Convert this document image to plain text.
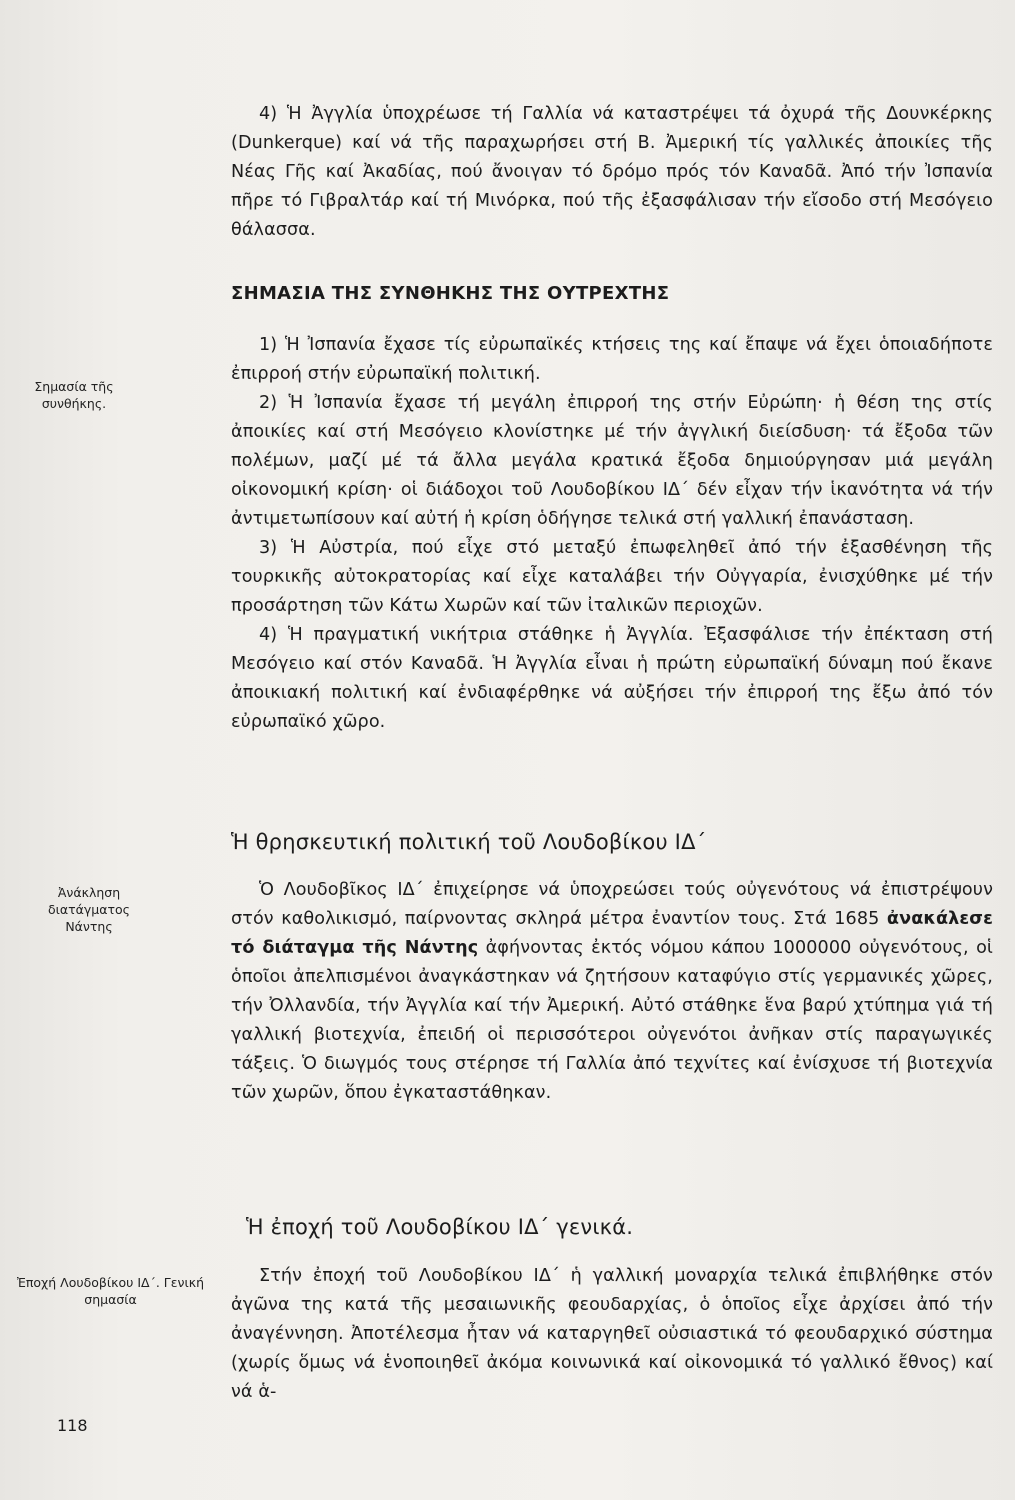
4) Ἡ Ἀγγλία ὑποχρέωσε τή Γαλλία νά καταστρέψει τά ὀχυρά τῆς Δουνκέρκης (Dunkerque) καί νά τῆς παραχωρήσει στή Β. Ἀμερική τίς γαλλικές ἀποικίες τῆς Νέας Γῆς καί Ἀκαδίας, πού ἄνοιγαν τό δρόμο πρός τόν Καναδᾶ. Ἀπό τήν Ἰσπανία πῆρε τό Γιβραλτάρ καί τή Μινόρκα, πού τῆς ἐξασφάλισαν τήν εἴσοδο στή Μεσόγειο θάλασσα.

ΣΗΜΑΣΙΑ ΤΗΣ ΣΥΝΘΗΚΗΣ ΤΗΣ ΟΥΤΡΕΧΤΗΣ
Σημασία τῆς συνθήκης.

1) Ἡ Ἰσπανία ἔχασε τίς εὐρωπαϊκές κτήσεις της καί ἔπαψε νά ἔχει ὁποιαδήποτε ἐπιρροή στήν εὐρωπαϊκή πολιτική.

2) Ἡ Ἰσπανία ἔχασε τή μεγάλη ἐπιρροή της στήν Εὐρώπη· ἡ θέση της στίς ἀποικίες καί στή Μεσόγειο κλονίστηκε μέ τήν ἀγγλική διείσδυση· τά ἔξοδα τῶν πολέμων, μαζί μέ τά ἄλλα μεγάλα κρατικά ἔξοδα δημιούργησαν μιά μεγάλη οἰκονομική κρίση· οἱ διάδοχοι τοῦ Λουδοβίκου ΙΔ΄ δέν εἶχαν τήν ἱκανότητα νά τήν ἀντιμετωπίσουν καί αὐτή ἡ κρίση ὁδήγησε τελικά στή γαλλική ἐπανάσταση.

3) Ἡ Αὐστρία, πού εἶχε στό μεταξύ ἐπωφεληθεῖ ἀπό τήν ἐξασθένηση τῆς τουρκικῆς αὐτοκρατορίας καί εἶχε καταλάβει τήν Οὐγγαρία, ἐνισχύθηκε μέ τήν προσάρτηση τῶν Κάτω Χωρῶν καί τῶν ἰταλικῶν περιοχῶν.

4) Ἡ πραγματική νικήτρια στάθηκε ἡ Ἀγγλία. Ἐξασφάλισε τήν ἐπέκταση στή Μεσόγειο καί στόν Καναδᾶ. Ἡ Ἀγγλία εἶναι ἡ πρώτη εὐρωπαϊκή δύναμη πού ἔκανε ἀποικιακή πολιτική καί ἐνδιαφέρθηκε νά αὐξήσει τήν ἐπιρροή της ἔξω ἀπό τόν εὐρωπαϊκό χῶρο.

Ἡ θρησκευτική πολιτική τοῦ Λουδοβίκου ΙΔ΄
Ἀνάκληση διατάγματος Νάντης

Ὁ Λουδοβῖκος ΙΔ΄ ἐπιχείρησε νά ὑποχρεώσει τούς οὐγενότους νά ἐπιστρέψουν στόν καθολικισμό, παίρνοντας σκληρά μέτρα ἐναντίον τους. Στά 1685 ἀνακάλεσε τό διάταγμα τῆς Νάντης ἀφήνοντας ἐκτός νόμου κάπου 1000000 οὐγενότους, οἱ ὁποῖοι ἀπελπισμένοι ἀναγκάστηκαν νά ζητήσουν καταφύγιο στίς γερμανικές χῶρες, τήν Ὀλλανδία, τήν Ἀγγλία καί τήν Ἀμερική. Αὐτό στάθηκε ἕνα βαρύ χτύπημα γιά τή γαλλική βιοτεχνία, ἐπειδή οἱ περισσότεροι οὐγενότοι ἀνῆκαν στίς παραγωγικές τάξεις. Ὁ διωγμός τους στέρησε τή Γαλλία ἀπό τεχνίτες καί ἐνίσχυσε τή βιοτεχνία τῶν χωρῶν, ὅπου ἐγκαταστάθηκαν.

Ἡ ἐποχή τοῦ Λουδοβίκου ΙΔ΄ γενικά.
Ἐποχή Λουδοβίκου ΙΔ΄. Γενική σημασία

Στήν ἐποχή τοῦ Λουδοβίκου ΙΔ΄ ἡ γαλλική μοναρχία τελικά ἐπιβλήθηκε στόν ἀγῶνα της κατά τῆς μεσαιωνικῆς φεουδαρχίας, ὁ ὁποῖος εἶχε ἀρχίσει ἀπό τήν ἀναγέννηση. Ἀποτέλεσμα ἦταν νά καταργηθεῖ οὐσιαστικά τό φεουδαρχικό σύστημα (χωρίς ὅμως νά ἑνοποιηθεῖ ἀκόμα κοινωνικά καί οἰκονομικά τό γαλλικό ἔθνος) καί νά ἁ-

118
